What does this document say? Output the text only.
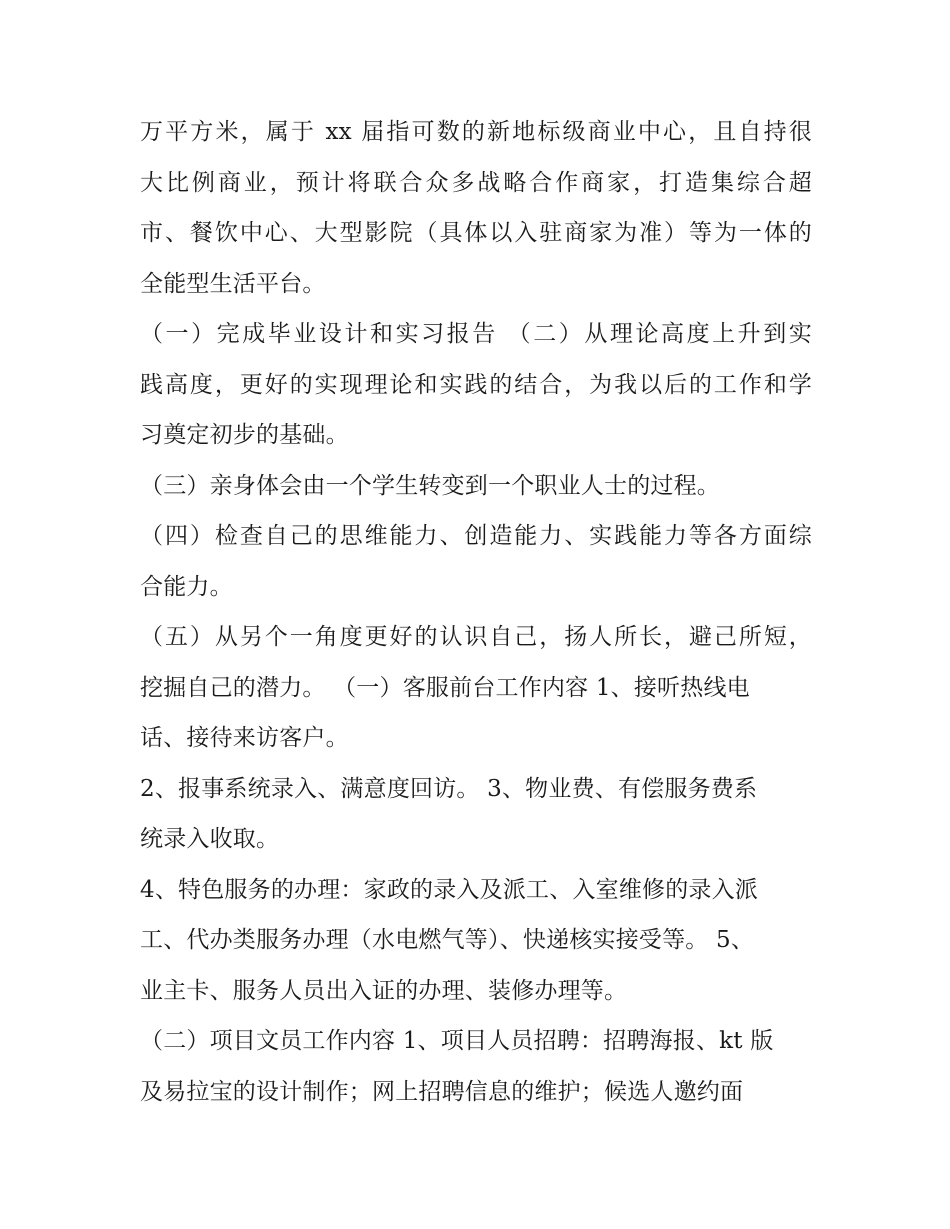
万平方米，属于 xx 届指可数的新地标级商业中心，且自持很
大比例商业，预计将联合众多战略合作商家，打造集综合超
市、餐饮中心、大型影院（具体以入驻商家为准）等为一体的
全能型生活平台。
（一）完成毕业设计和实习报告 （二）从理论高度上升到实
践高度，更好的实现理论和实践的结合，为我以后的工作和学
习奠定初步的基础。
（三）亲身体会由一个学生转变到一个职业人士的过程。
（四）检查自己的思维能力、创造能力、实践能力等各方面综
合能力。
（五）从另个一角度更好的认识自己，扬人所长，避己所短，
挖掘自己的潜力。 （一）客服前台工作内容 1、接听热线电
话、接待来访客户。
2、报事系统录入、满意度回访。 3、物业费、有偿服务费系
统录入收取。
4、特色服务的办理：家政的录入及派工、入室维修的录入派
工、代办类服务办理（水电燃气等）、快递核实接受等。 5、
业主卡、服务人员出入证的办理、装修办理等。
（二）项目文员工作内容 1、项目人员招聘：招聘海报、kt 版
及易拉宝的设计制作；网上招聘信息的维护；候选人邀约面
